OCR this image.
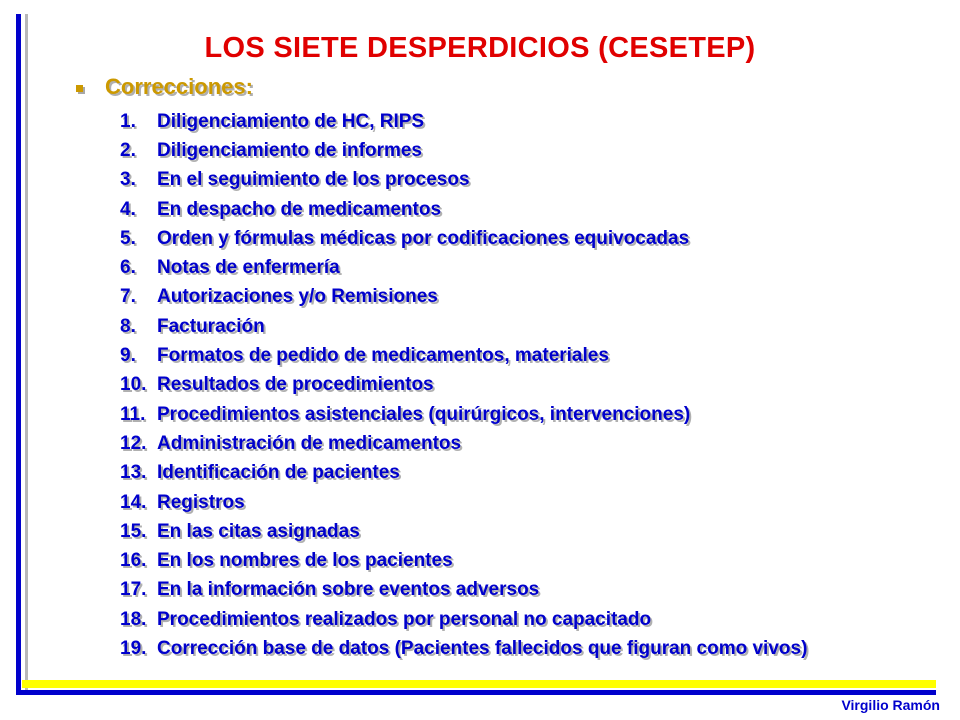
LOS SIETE DESPERDICIOS (CESETEP)
Correcciones:
1.	Diligenciamiento de HC, RIPS
2.	Diligenciamiento de informes
3.	En el seguimiento de los procesos
4.	En despacho de medicamentos
5.	Orden y fórmulas médicas por codificaciones equivocadas
6.	Notas de enfermería
7.	Autorizaciones y/o Remisiones
8.	Facturación
9.	Formatos de pedido de medicamentos, materiales
10. Resultados de procedimientos
11. Procedimientos asistenciales (quirúrgicos, intervenciones)
12. Administración de medicamentos
13. Identificación de pacientes
14. Registros
15. En las citas asignadas
16. En los nombres de los pacientes
17. En la información sobre eventos adversos
18. Procedimientos realizados por personal no capacitado
19. Corrección base de datos (Pacientes fallecidos que figuran como vivos)
Virgilio Ramón
